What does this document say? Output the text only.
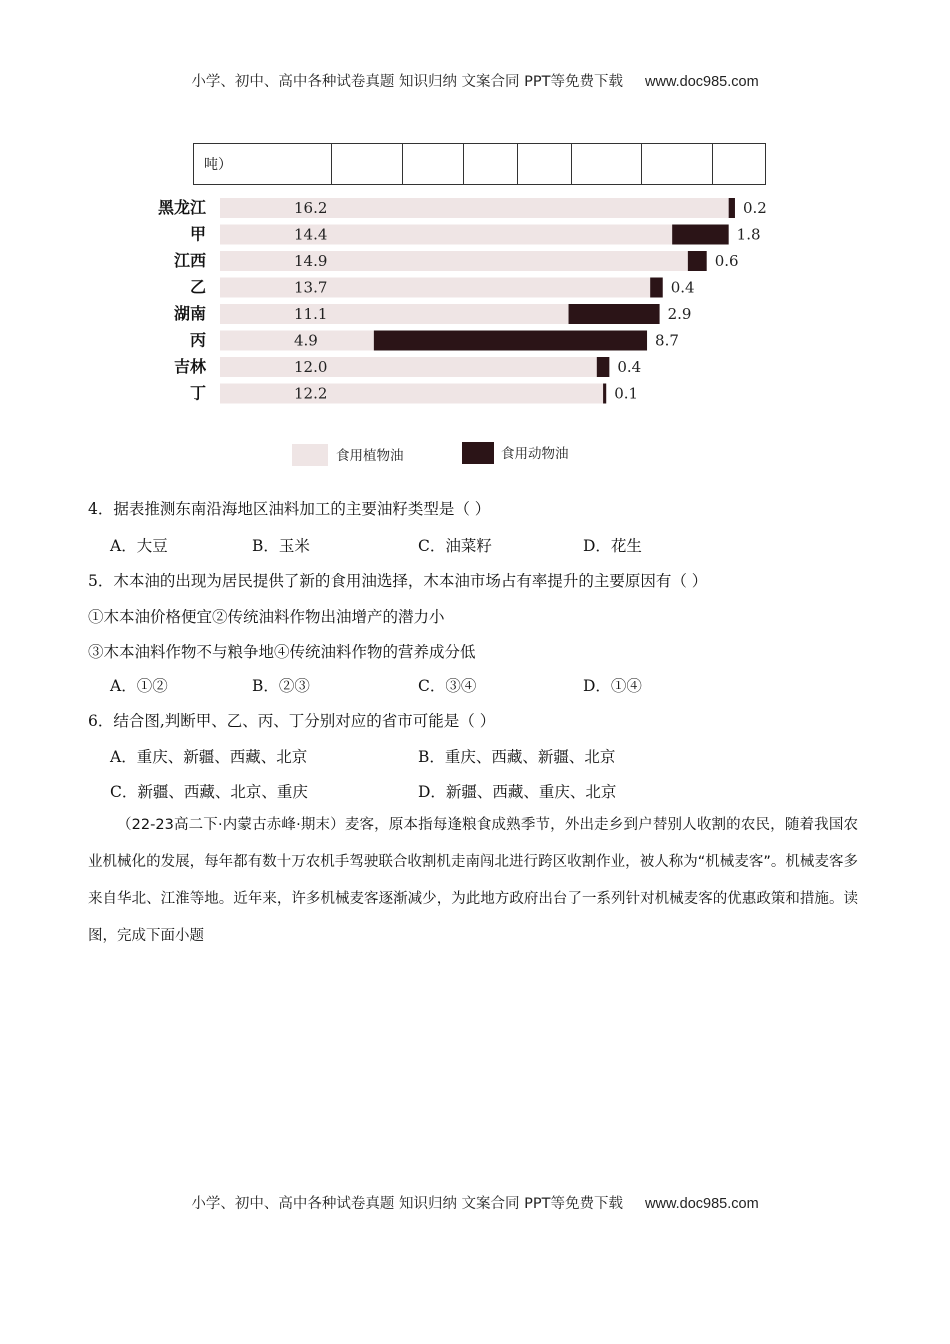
小学、初中、高中各种试卷真题 知识归纳 文案合同 PPT等免费下载 www.doc985.com
吨）							
黑龙江	16.2	0.2
甲	14.4	1.8
江西	14.9	0.6
乙	13.7	0.4
湖南	11.1	2.9
丙	4.9	8.7
吉林	12.0	0.4
丁	12.2	0.1
食用植物油	食用动物油
4．据表推测东南沿海地区油料加工的主要油籽类型是（ ）
A．大豆	B．玉米	C．油菜籽	D．花生
5．木本油的出现为居民提供了新的食用油选择，木本油市场占有率提升的主要原因有（ ）
①木本油价格便宜②传统油料作物出油增产的潜力小
③木本油料作物不与粮争地④传统油料作物的营养成分低
A．①②	B．②③	C．③④	D．①④
6．结合图,判断甲、乙、丙、丁分别对应的省市可能是（ ）
A．重庆、新疆、西藏、北京	B．重庆、西藏、新疆、北京
C．新疆、西藏、北京、重庆	D．新疆、西藏、重庆、北京
（22-23高二下·内蒙古赤峰·期末）麦客，原本指每逢粮食成熟季节，外出走乡到户替别人收割的农民，随着我国农业机械化的发展，每年都有数十万农机手驾驶联合收割机走南闯北进行跨区收割作业，被人称为“机械麦客”。机械麦客多来自华北、江淮等地。近年来，许多机械麦客逐渐减少，为此地方政府出台了一系列针对机械麦客的优惠政策和措施。读图，完成下面小题
小学、初中、高中各种试卷真题 知识归纳 文案合同 PPT等免费下载 www.doc985.com
